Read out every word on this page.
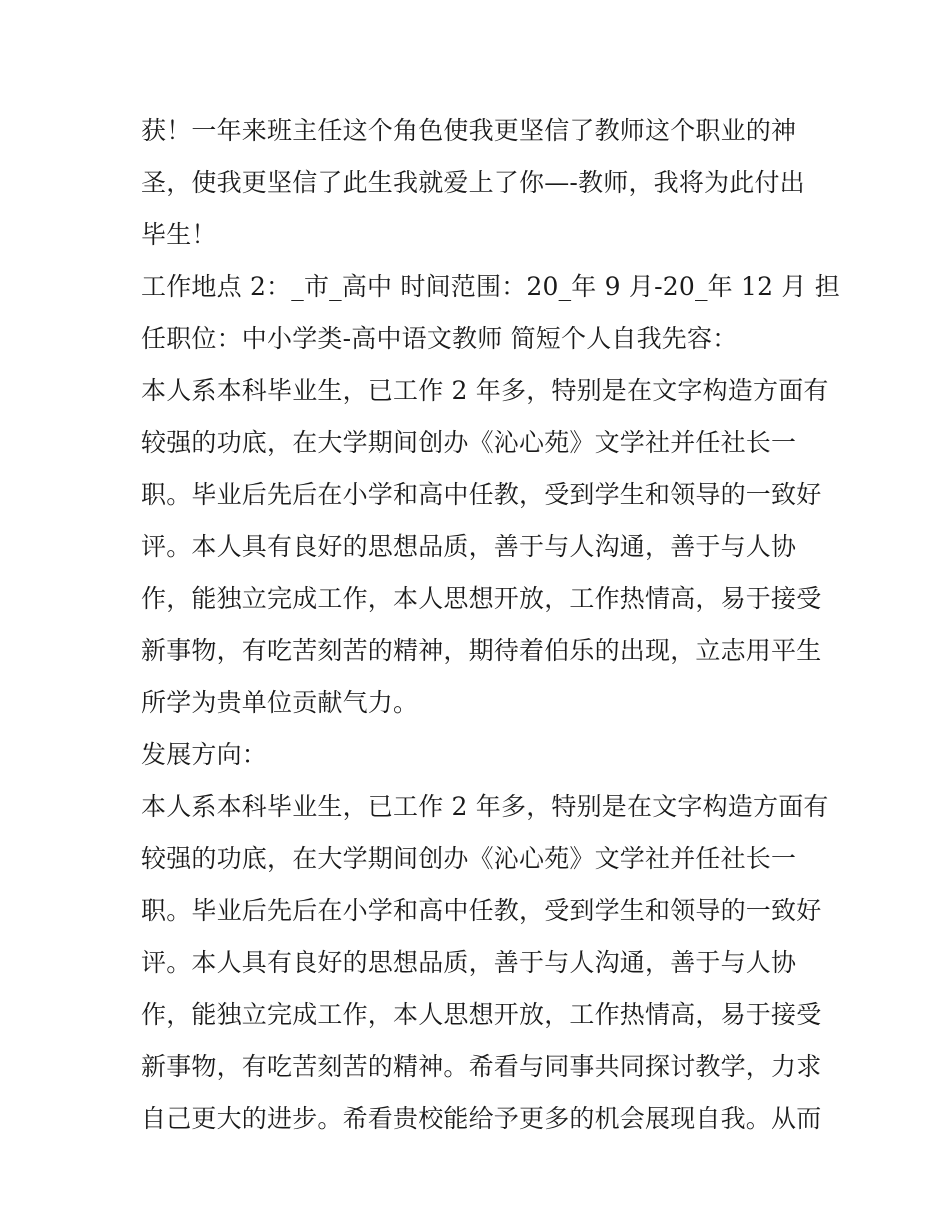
获！一年来班主任这个角色使我更坚信了教师这个职业的神
圣，使我更坚信了此生我就爱上了你—-教师，我将为此付出
毕生！
工作地点 2：_市_高中 时间范围：20_年 9 月-20_年 12 月 担
任职位：中小学类-高中语文教师 简短个人自我先容：
本人系本科毕业生，已工作 2 年多，特别是在文字构造方面有
较强的功底，在大学期间创办《沁心苑》文学社并任社长一
职。毕业后先后在小学和高中任教，受到学生和领导的一致好
评。本人具有良好的思想品质，善于与人沟通，善于与人协
作，能独立完成工作，本人思想开放，工作热情高，易于接受
新事物，有吃苦刻苦的精神，期待着伯乐的出现，立志用平生
所学为贵单位贡献气力。
发展方向：
本人系本科毕业生，已工作 2 年多，特别是在文字构造方面有
较强的功底，在大学期间创办《沁心苑》文学社并任社长一
职。毕业后先后在小学和高中任教，受到学生和领导的一致好
评。本人具有良好的思想品质，善于与人沟通，善于与人协
作，能独立完成工作，本人思想开放，工作热情高，易于接受
新事物，有吃苦刻苦的精神。希看与同事共同探讨教学，力求
自己更大的进步。希看贵校能给予更多的机会展现自我。从而
